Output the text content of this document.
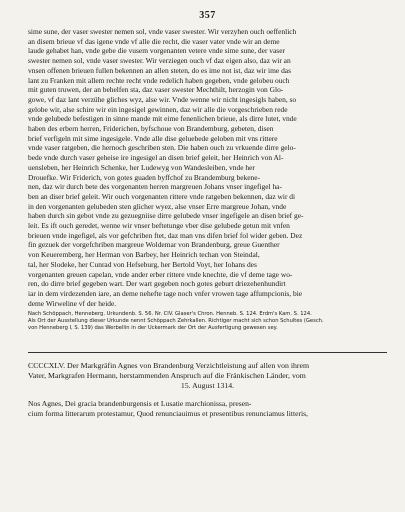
357
sime sune, der vaser swester nemen sol, vnde vaser swester. Wir verzyhen ouch oeffenlich
an disem brieue vf das igene vnde vf alle die recht, die vaser vater vnde wir an deme
laude gehabet han, vnde gebe die vusem vorgenanten vetere vnde sime sune, der vaser
swester nemen sol, vnde vaser swester. Wir verziegen ouch vf daz eigen also, daz wir an
vnsen offenen brieuen fullen bekennen an allen steten, do es ime not ist, daz wir ime das
lant zu Franken mit allem rechte recht vnde redelich haben gegeben, vnde gelobeu ouch
mit guten truwen, der an behelfen sta, daz vaser swester Mechthilt, herzogin von Glo-
gowe, vf daz lant verzühe gliches wyz, alse wir. Vnde wenne wir nicht ingesigls haben, so
gelobe wir, alse schire wir ein ingesigel gewinnen, daz wir alle die vorgeschrieben rede
vnde gelubede befestigen in sinne mande mit eime fenenlichen brieue, als dirre lutet, vnde
haben des erbern herren, Friderichen, byfschoue von Brandemburg, gebeten, disen
brief verfigeln mit sime ingesigele. Vnde alle dise geluebede geloben mit vns rittere
vnde vaser ratgeben, die hernoch geschriben sten. Die haben ouch zu vrkuende dirre gelo-
bede vnde durch vaser geheise ire ingesigel an disen brief geleit, her Heinrich von Al-
uensleben, her Heinrich Schenke, her Ludewyg von Wandesleiben, vnde her
Drouefke. Wir Friderich, von gotes guaden byffchof zu Brandemburg bekene-
nen, daz wir durch bete des vorgenanten herren margreuen Johans vnser ingefigel ha-
ben an diser brief geleit. Wir ouch vorgenanten rittere vnde ratgeben bekennen, daz wir di
in den vorgenanten gelubeden sten glicher wyez, alse vnser Erre margreue Johan, vnde
haben durch sin gebot vnde zu gezuegniise dirre gelubede vnser ingefigele an disen brief ge-
leit. Es ift ouch geredet, wenne wir vnser beftetunge vber dise gelubede getun mit vnfen
brieuen vnde ingefigel, als vor gefchriben ftet, daz man vns difen brief fol wider geben. Dez
fin gezuek der vorgefchriben margreue Woldemar von Brandenburg, greue Guenther
von Keueremberg, her Herman von Barbey, her Heinrich techan von Steindal,
tal, her Slodeke, her Cunrad von Hefseburg, her Bertold Voyt, her Iohans des
vorgenanten greuen capelan, vnde ander erber rittere vnde knechte, die vf deme tage wo-
ren, do dirre brief gegeben wart. Der wart gegeben noch gotes geburt driezehenhundirt
iar in dem virdezenden iare, an deme nehefte tage noch vnfer vrowen tage affumpcionis, bie
deme Wirweline vf der heide.
Nach Schöppach, Henneberg. Urkundenb. S. 56. Nr. CIV. Glaser's Chron. Henneb. S. 124. Erdm's Kam. S. 124.
Als Ort der Ausstellung dieser Urkunde nennt Schöppach Zehrkallen. Richtiger macht sich schon Schultes (Gesch.
von Henneberg I, S. 139) das Werbellin in der Uckermark der Ort der Ausfertigung gewesen sey.
CCCCXLV. Der Markgräfin Agnes von Brandenburg Verzichtleistung auf allen von ihrem
Vater, Markgrafen Hermann, herstammenden Anspruch auf die Fränkischen Länder, vom
15. August 1314.
Nos Agnes, Dei gracia brandenburgensis et Lusatie marchionissa, presen-
cium forma litterarum protestamur, Quod renunciauimus et presentibus renunciamus litteris,
